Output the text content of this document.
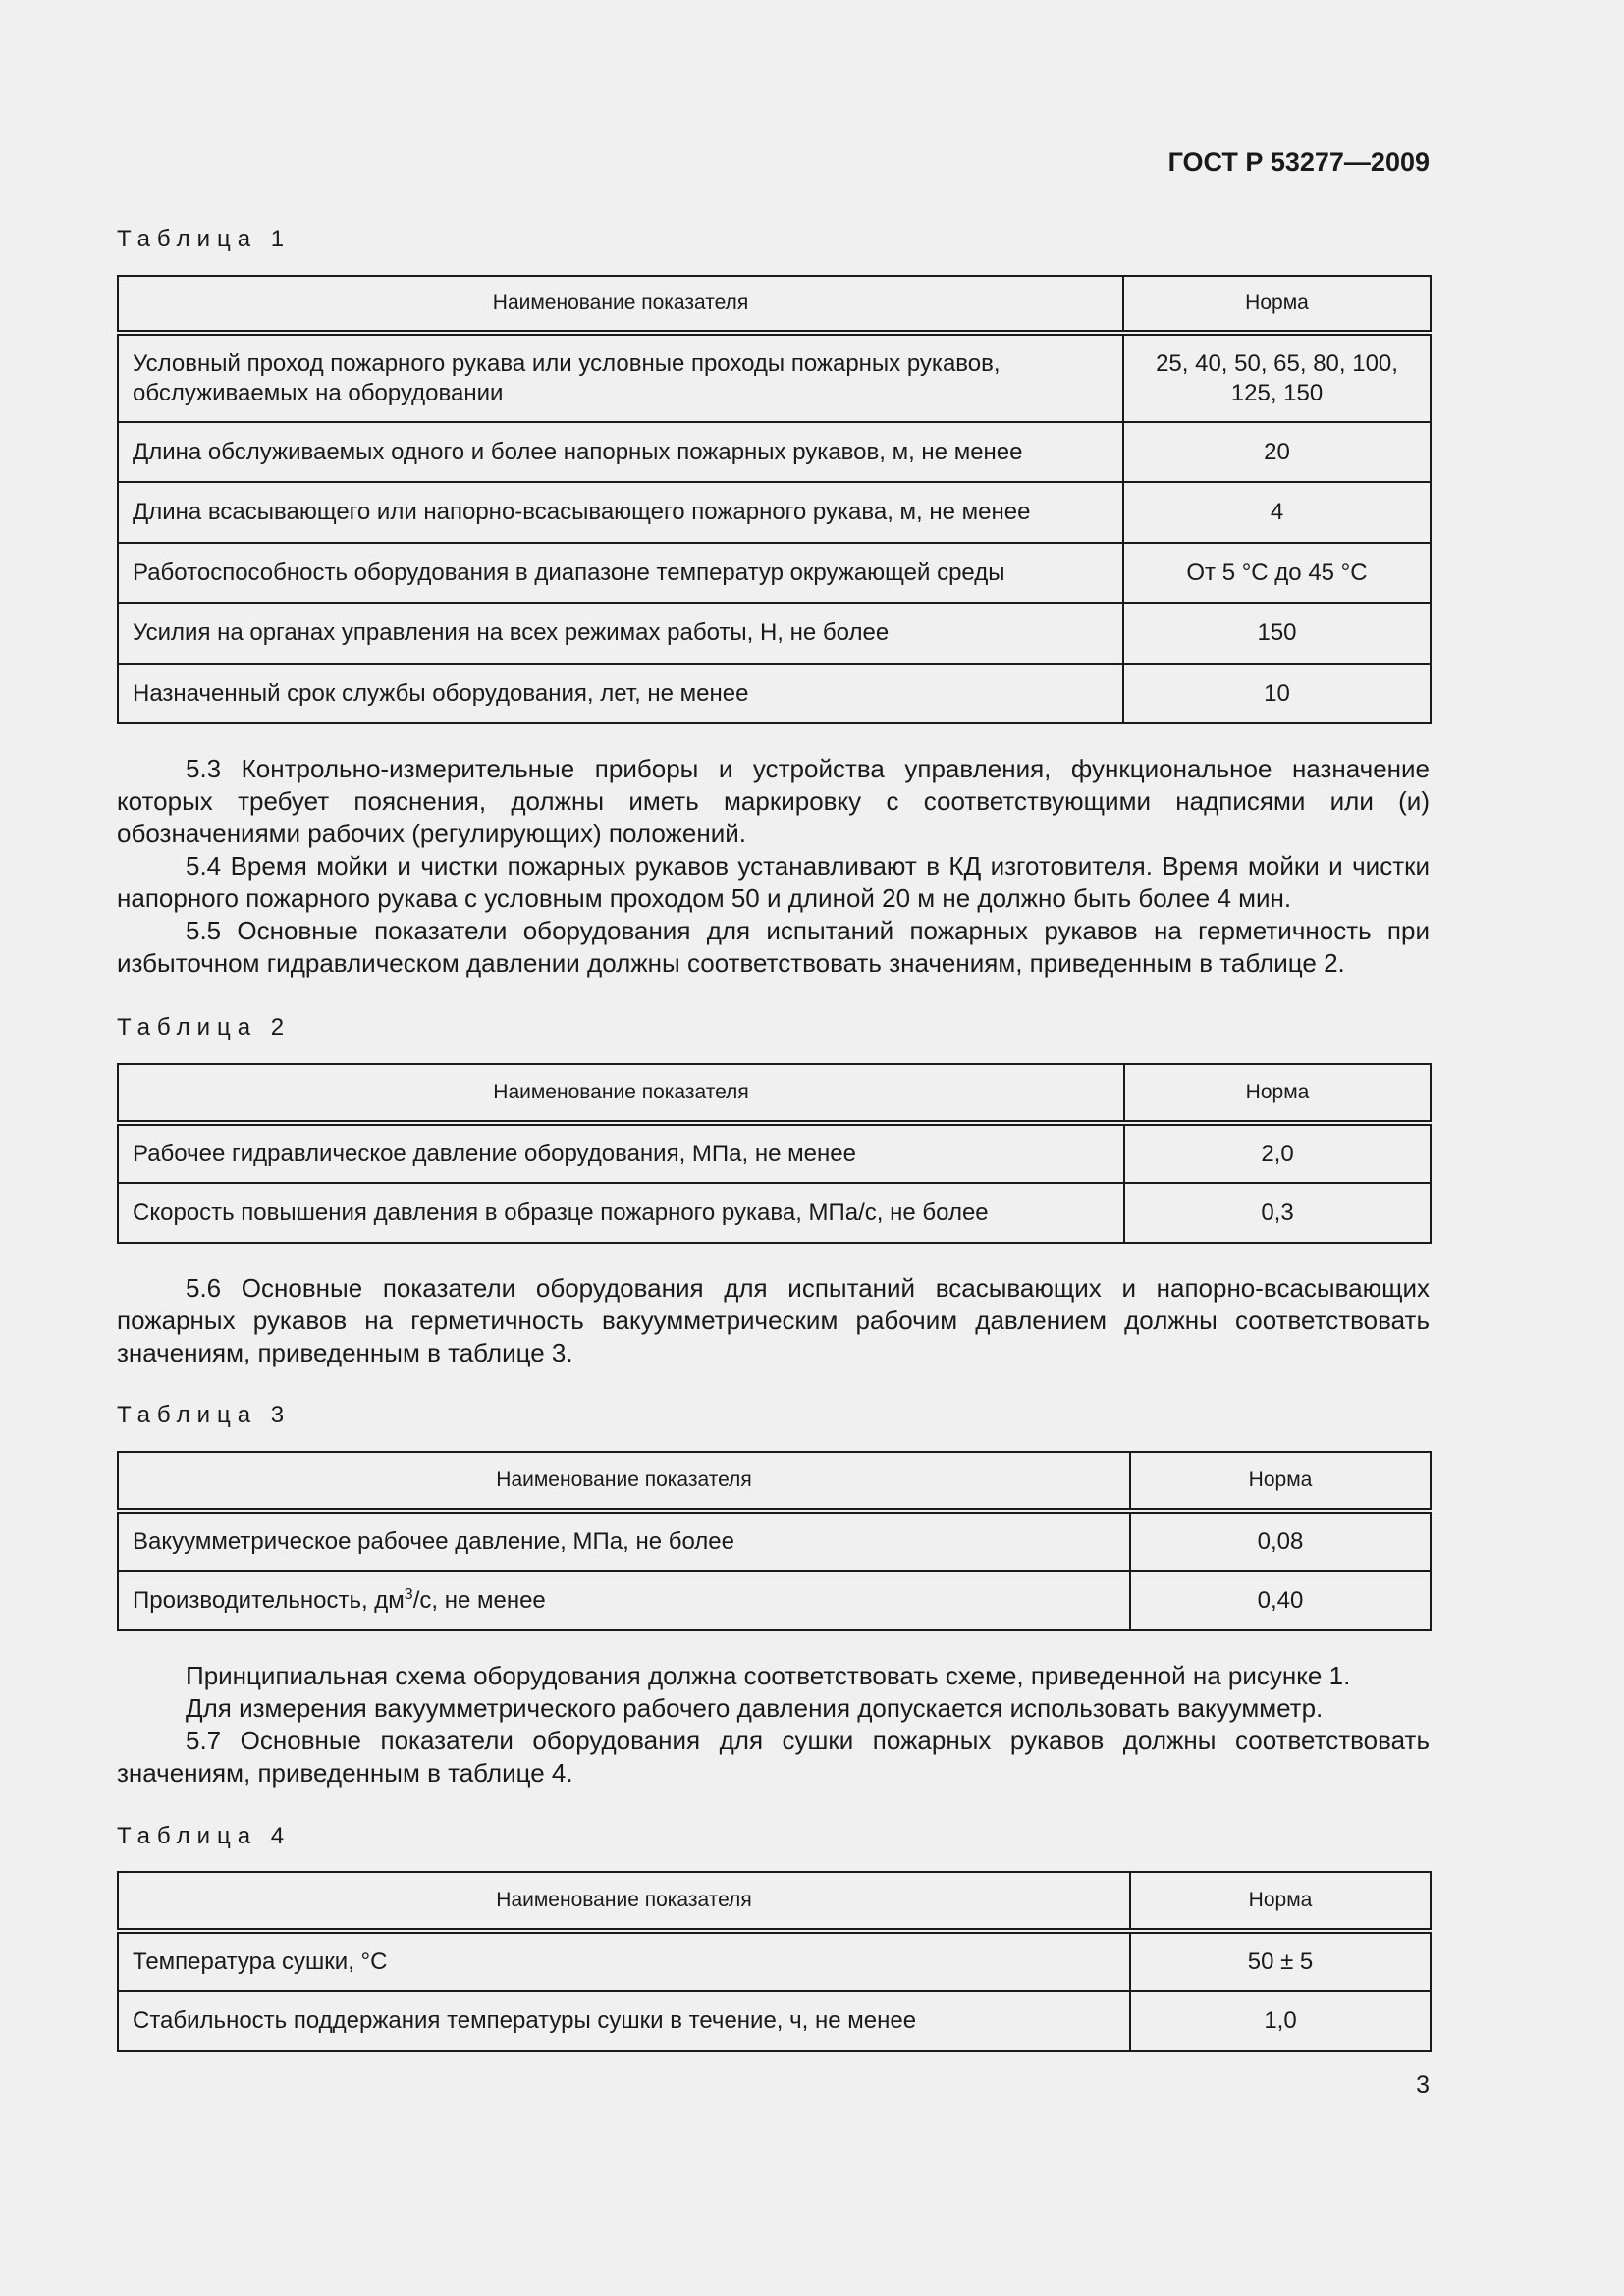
ГОСТ Р 53277—2009
Таблица 1
Наименование показателя	Норма
Условный проход пожарного рукава или условные проходы пожарных рукавов, обслуживаемых на оборудовании	25, 40, 50, 65, 80, 100, 125, 150
Длина обслуживаемых одного и более напорных пожарных рукавов, м, не менее	20
Длина всасывающего или напорно-всасывающего пожарного рукава, м, не менее	4
Работоспособность оборудования в диапазоне температур окружающей среды	От 5 °С до 45 °С
Усилия на органах управления на всех режимах работы, Н, не более	150
Назначенный срок службы оборудования, лет, не менее	10

5.3 Контрольно-измерительные приборы и устройства управления, функциональное назначение которых требует пояснения, должны иметь маркировку с соответствующими надписями или (и) обозначениями рабочих (регулирующих) положений.

5.4 Время мойки и чистки пожарных рукавов устанавливают в КД изготовителя. Время мойки и чистки напорного пожарного рукава с условным проходом 50 и длиной 20 м не должно быть более 4 мин.

5.5 Основные показатели оборудования для испытаний пожарных рукавов на герметичность при избыточном гидравлическом давлении должны соответствовать значениям, приведенным в таблице 2.

Таблица 2
Наименование показателя	Норма
Рабочее гидравлическое давление оборудования, МПа, не менее	2,0
Скорость повышения давления в образце пожарного рукава, МПа/с, не более	0,3

5.6 Основные показатели оборудования для испытаний всасывающих и напорно-всасывающих пожарных рукавов на герметичность вакуумметрическим рабочим давлением должны соответствовать значениям, приведенным в таблице 3.

Таблица 3
Наименование показателя	Норма
Вакуумметрическое рабочее давление, МПа, не более	0,08
Производительность, $дм^3/с$, не менее	0,40

Принципиальная схема оборудования должна соответствовать схеме, приведенной на рисунке 1.

Для измерения вакуумметрического рабочего давления допускается использовать вакуумметр.

5.7 Основные показатели оборудования для сушки пожарных рукавов должны соответствовать значениям, приведенным в таблице 4.

Таблица 4
Наименование показателя	Норма
Температура сушки, °С	50 ± 5
Стабильность поддержания температуры сушки в течение, ч, не менее	1,0
3
